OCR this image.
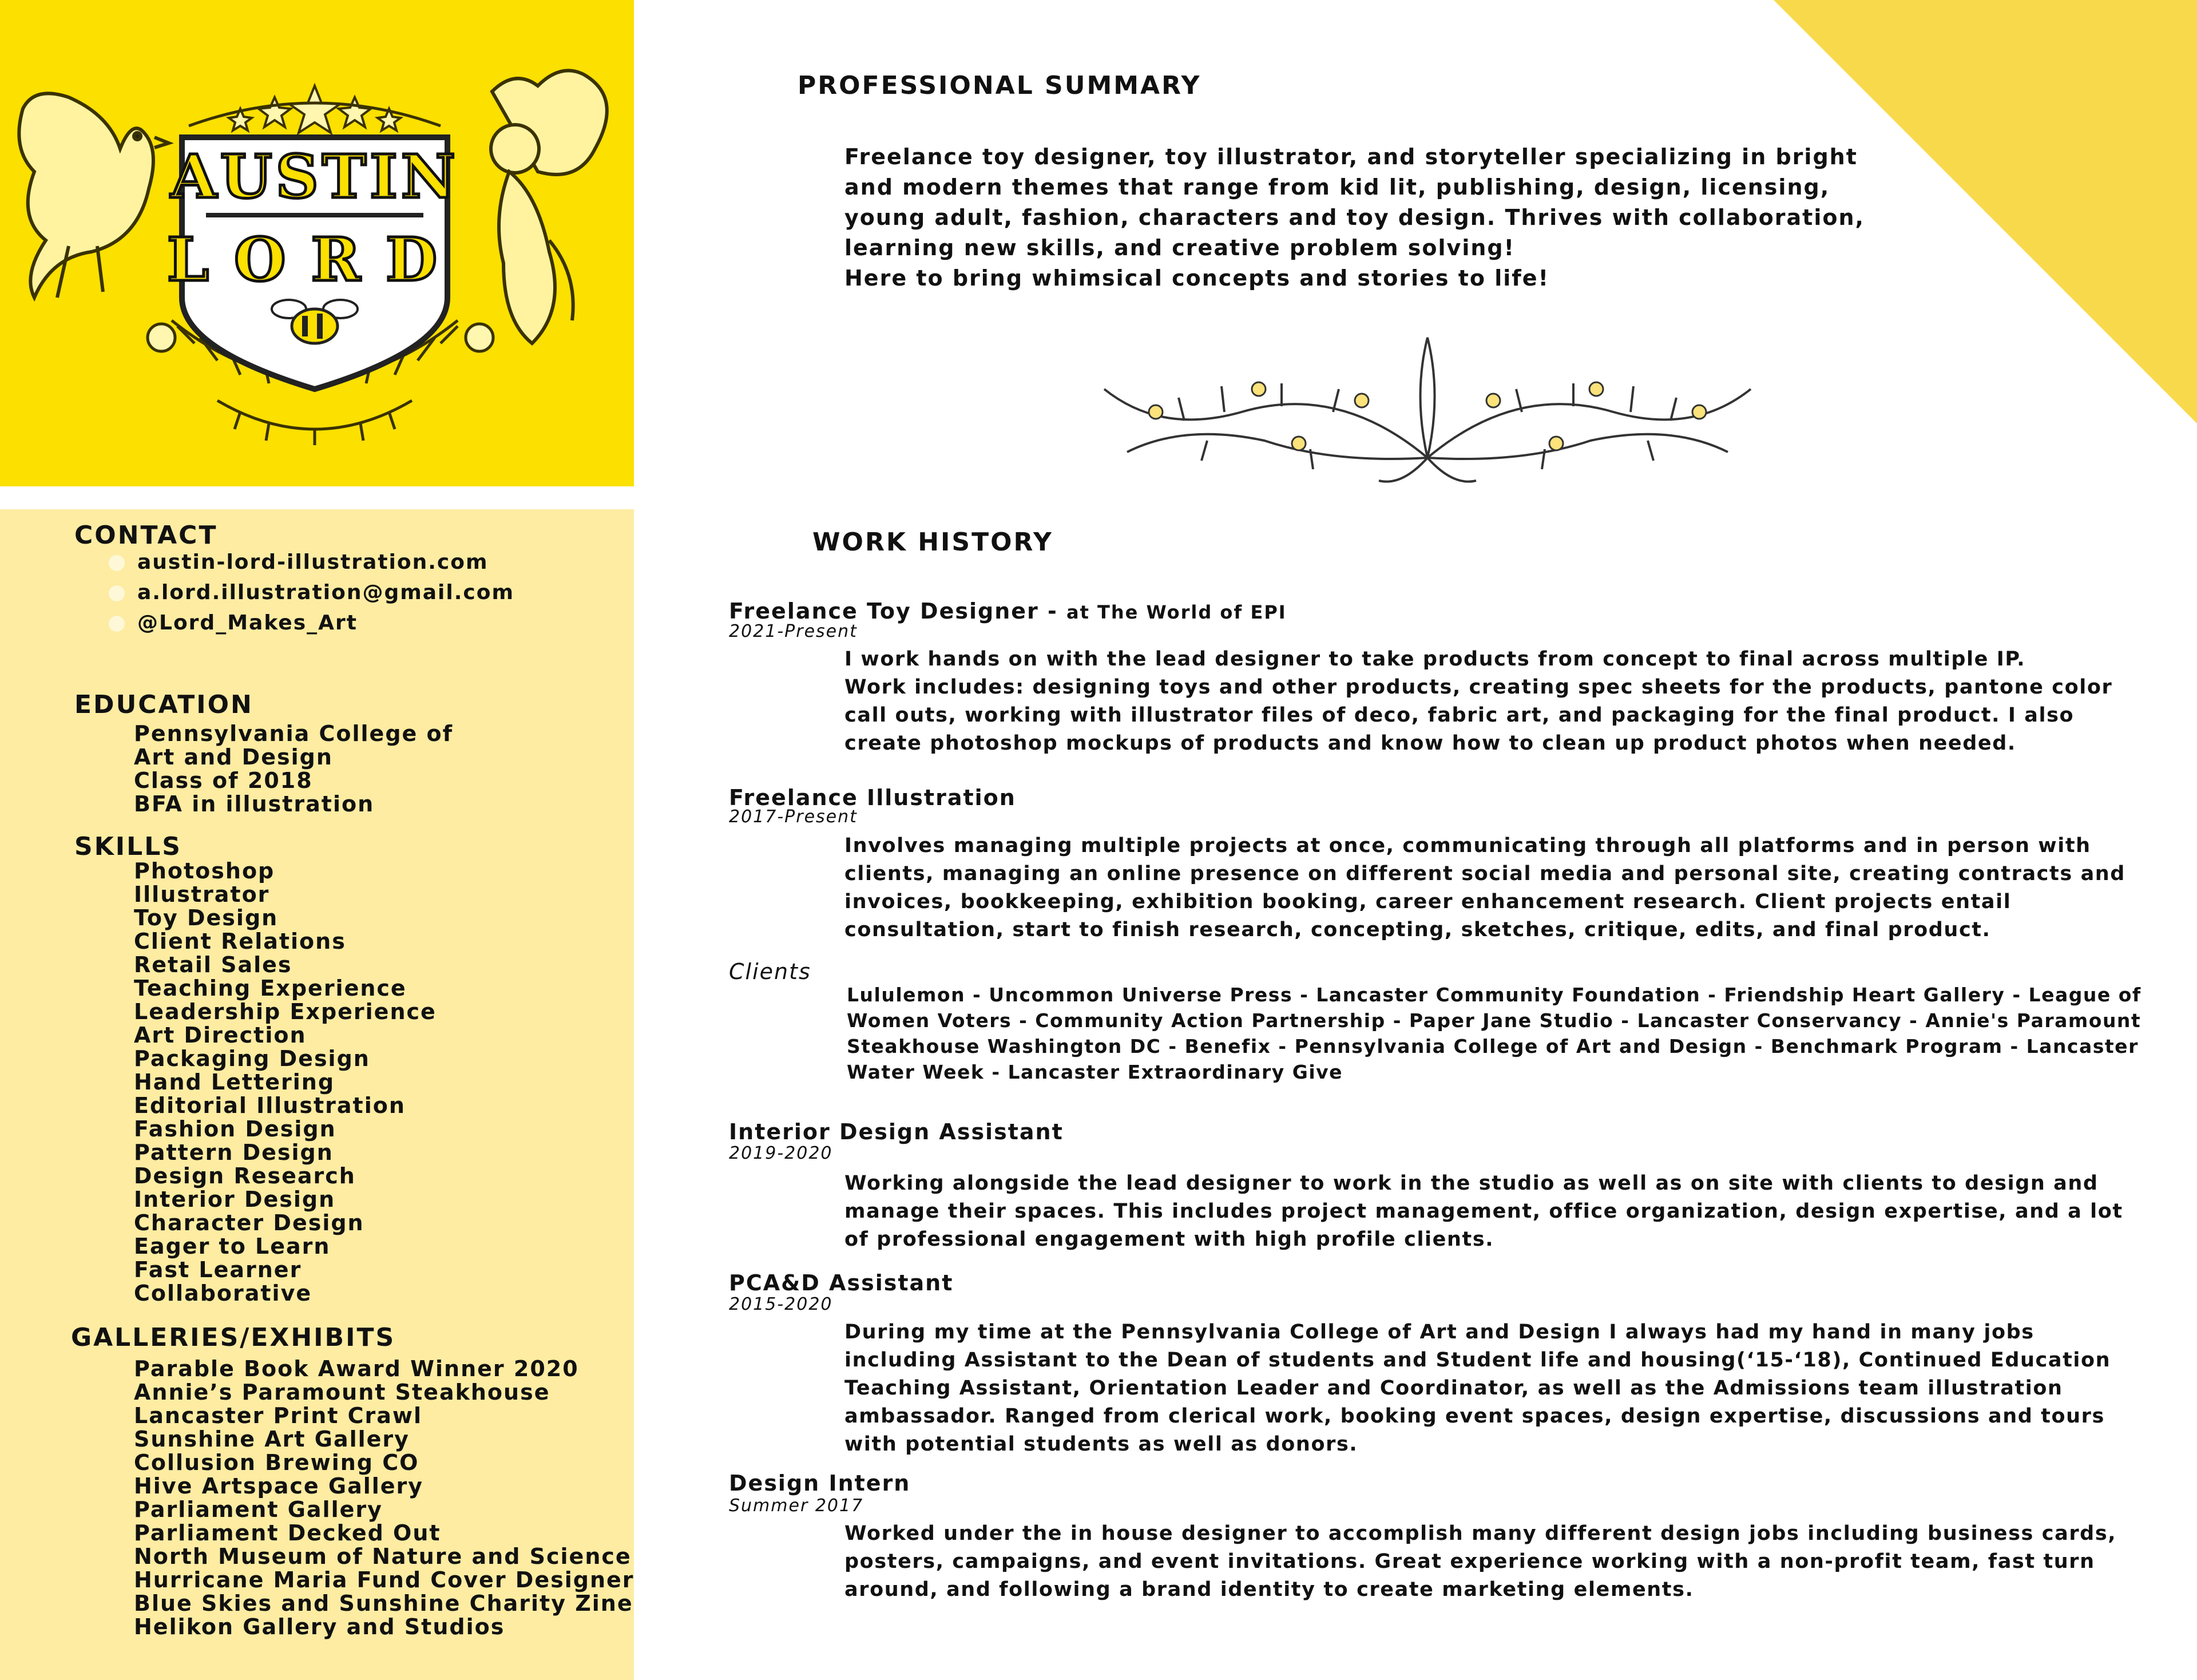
AUSTIN
LORD
CONTACT
austin-lord-illustration.com
a.lord.illustration@gmail.com
@Lord_Makes_Art
EDUCATION
Pennsylvania College of
Art and Design
Class of 2018
BFA in illustration
SKILLS
Photoshop
Illustrator
Toy Design
Client Relations
Retail Sales
Teaching Experience
Leadership Experience
Art Direction
Packaging Design
Hand Lettering
Editorial Illustration
Fashion Design
Pattern Design
Design Research
Interior Design
Character Design
Eager to Learn
Fast Learner
Collaborative
GALLERIES/EXHIBITS
Parable Book Award Winner 2020
Annie’s Paramount Steakhouse
Lancaster Print Crawl
Sunshine Art Gallery
Collusion Brewing CO
Hive Artspace Gallery
Parliament Gallery
Parliament Decked Out
North Museum of Nature and Science
Hurricane Maria Fund Cover Designer
Blue Skies and Sunshine Charity Zine
Helikon Gallery and Studios
PROFESSIONAL SUMMARY
Freelance toy designer, toy illustrator, and storyteller specializing in bright
and modern themes that range from kid lit, publishing, design, licensing,
young adult, fashion, characters and toy design. Thrives with collaboration,
learning new skills, and creative problem solving!
Here to bring whimsical concepts and stories to life!
WORK HISTORY
Freelance Toy Designer - at The World of EPI
2021-Present
I work hands on with the lead designer to take products from concept to final across multiple IP.
Work includes: designing toys and other products, creating spec sheets for the products, pantone color
call outs, working with illustrator files of deco, fabric art, and packaging for the final product. I also
create photoshop mockups of products and know how to clean up product photos when needed.
Freelance Illustration
2017-Present
Involves managing multiple projects at once, communicating through all platforms and in person with
clients, managing an online presence on different social media and personal site, creating contracts and
invoices, bookkeeping, exhibition booking, career enhancement research. Client projects entail
consultation, start to finish research, concepting, sketches, critique, edits, and final product.
Clients
Lululemon - Uncommon Universe Press - Lancaster Community Foundation - Friendship Heart Gallery - League of
Women Voters - Community Action Partnership - Paper Jane Studio - Lancaster Conservancy - Annie's Paramount
Steakhouse Washington DC - Benefix - Pennsylvania College of Art and Design - Benchmark Program - Lancaster
Water Week - Lancaster Extraordinary Give
Interior Design Assistant
2019-2020
Working alongside the lead designer to work in the studio as well as on site with clients to design and
manage their spaces. This includes project management, office organization, design expertise, and a lot
of professional engagement with high profile clients.
PCA&D Assistant
2015-2020
During my time at the Pennsylvania College of Art and Design I always had my hand in many jobs
including Assistant to the Dean of students and Student life and housing(‘15-‘18), Continued Education
Teaching Assistant, Orientation Leader and Coordinator, as well as the Admissions team illustration
ambassador. Ranged from clerical work, booking event spaces, design expertise, discussions and tours
with potential students as well as donors.
Design Intern
Summer 2017
Worked under the in house designer to accomplish many different design jobs including business cards,
posters, campaigns, and event invitations. Great experience working with a non-profit team, fast turn
around, and following a brand identity to create marketing elements.
